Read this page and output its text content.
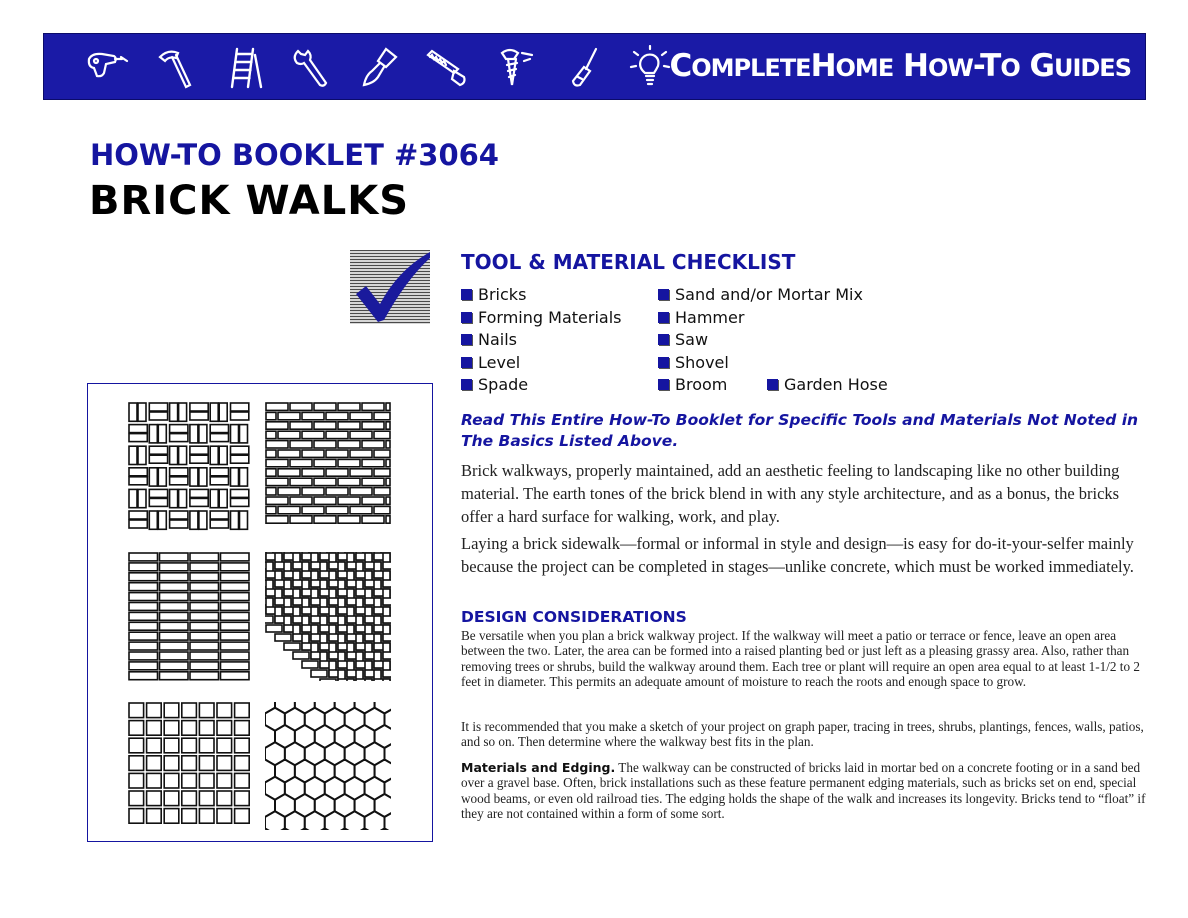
COMPLETEHOME HOW-TO GUIDES
HOW-TO BOOKLET #3064
BRICK WALKS
TOOL & MATERIAL CHECKLIST
Bricks
Forming Materials
Nails
Level
Spade
Sand and/or Mortar Mix
Hammer
Saw
Shovel
Broom	Garden Hose
Read This Entire How-To Booklet for Specific Tools and Materials Not Noted in The Basics Listed Above.
Brick walkways, properly maintained, add an aesthetic feeling to landscaping like no other building material. The earth tones of the brick blend in with any style architecture, and as a bonus, the bricks offer a hard surface for walking, work, and play.
Laying a brick sidewalk—formal or informal in style and design—is easy for do-it-your-selfer mainly because the project can be completed in stages—unlike concrete, which must be worked immediately.
DESIGN CONSIDERATIONS
Be versatile when you plan a brick walkway project. If the walkway will meet a patio or terrace or fence, leave an open area between the two. Later, the area can be formed into a raised planting bed or just left as a pleasing grassy area. Also, rather than removing trees or shrubs, build the walkway around them. Each tree or plant will require an open area equal to at least 1-1/2 to 2 feet in diameter. This permits an adequate amount of moisture to reach the roots and enough space to grow.
It is recommended that you make a sketch of your project on graph paper, tracing in trees, shrubs, plantings, fences, walls, patios, and so on. Then determine where the walkway best fits in the plan.
Materials and Edging. The walkway can be constructed of bricks laid in mortar bed on a concrete footing or in a sand bed over a gravel base. Often, brick installations such as these feature permanent edging materials, such as bricks set on end, special wood beams, or even old railroad ties. The edging holds the shape of the walk and increases its longevity. Bricks tend to “float” if they are not contained within a form of some sort.
